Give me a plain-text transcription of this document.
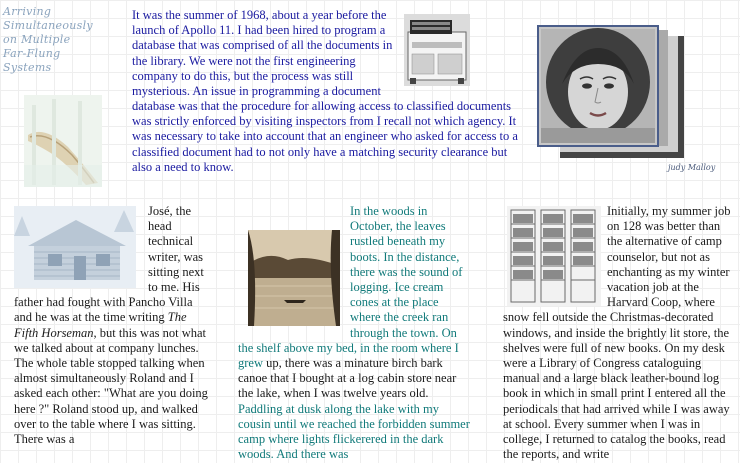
Arriving
Simultaneously
on Multiple
Far-Flung
Systems
It was the summer of 1968, about a year before the launch of Apollo 11. I had been hired to program a database that was comprised of all the documents in the library. We were not the first engineering company to do this, but the process was still mysterious. An issue in programming a document
database was that the procedure for allowing access to classified documents was strictly enforced by visiting inspectors from I recall not which agency. It was necessary to take into account that an engineer who asked for access to a classified document had to not only have a matching security clearance but also a need to know.	judy Malloy

José, the head technical writer, was sitting next to me. His father had fought with Pancho Villa and he was at the time writing The Fifth Horseman, but this was not what we talked about at company lunches. The whole table stopped talking when almost simultaneously Roland and I asked each other: "What are you doing here ?" Roland stood up, and walked over to the table where I was sitting. There was a

In the woods in October, the leaves rustled beneath my boots. In the distance, there was the sound of logging. Ice cream cones at the place where the creek ran through the town. On the shelf above my bed, in the room where I grew up, there was a minature birch bark canoe that I bought at a log cabin store near the lake, when I was twelve years old. Paddling at dusk along the lake with my cousin until we reached the forbidden summer camp where lights flickerered in the dark woods. And there was

Initially, my summer job on 128 was better than the alternative of camp counselor, but not as enchanting as my winter vacation job at the Harvard Coop, where snow fell outside the Christmas-decorated windows, and inside the brightly lit store, the shelves were full of new books. On my desk were a Library of Congress cataloguing manual and a large black leather-bound log book in which in small print I entered all the periodicals that had arrived while I was away at school. Every summer when I was in college, I returned to catalog the books, read the reports, and write
